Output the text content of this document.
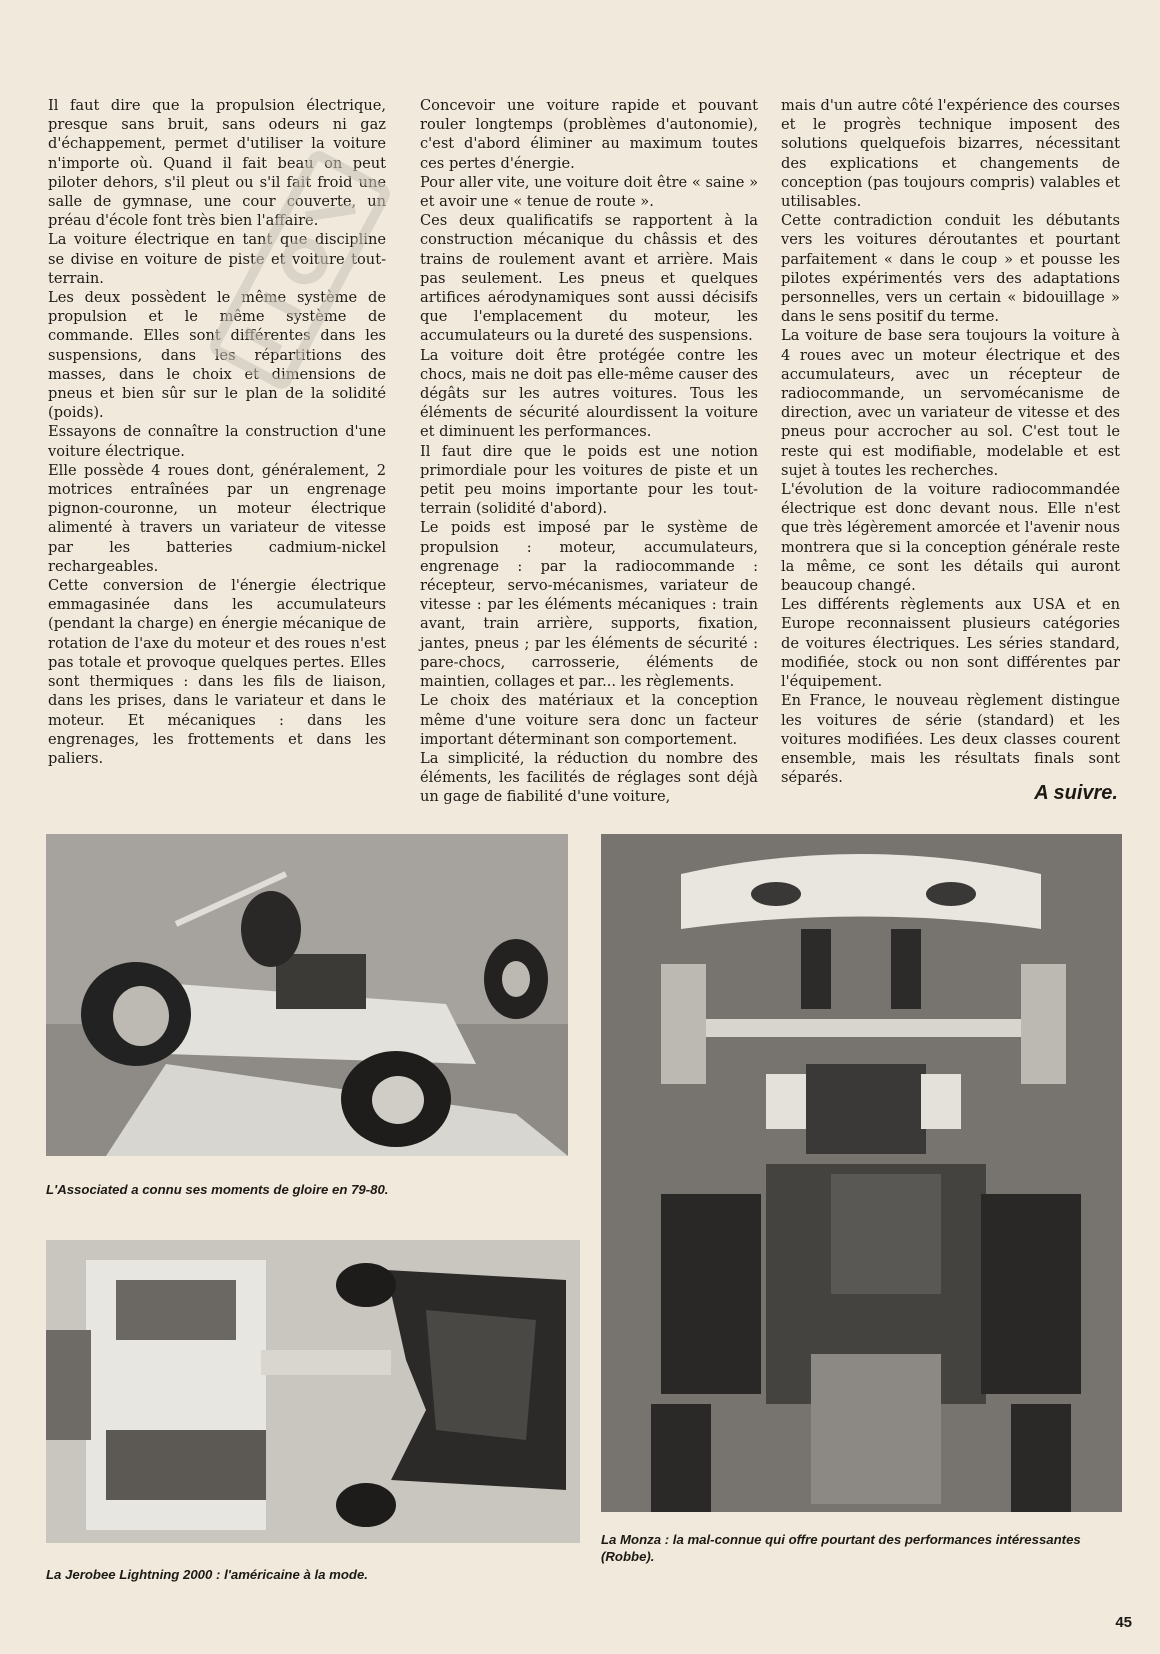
Il faut dire que la propulsion électrique, presque sans bruit, sans odeurs ni gaz d'échappement, permet d'utiliser la voiture n'importe où. Quand il fait beau on peut piloter dehors, s'il pleut ou s'il fait froid une salle de gymnase, une cour couverte, un préau d'école font très bien l'affaire.

La voiture électrique en tant que discipline se divise en voiture de piste et voiture tout-terrain.

Les deux possèdent le même système de propulsion et le même système de commande. Elles sont différentes dans les suspensions, dans les répartitions des masses, dans le choix et dimensions de pneus et bien sûr sur le plan de la solidité (poids).

Essayons de connaître la construction d'une voiture électrique.

Elle possède 4 roues dont, généralement, 2 motrices entraînées par un engrenage pignon-couronne, un moteur électrique alimenté à travers un variateur de vitesse par les batteries cadmium-nickel rechargeables.

Cette conversion de l'énergie électrique emmagasinée dans les accumulateurs (pendant la charge) en énergie mécanique de rotation de l'axe du moteur et des roues n'est pas totale et provoque quelques pertes. Elles sont thermiques : dans les fils de liaison, dans les prises, dans le variateur et dans le moteur. Et mécaniques : dans les engrenages, les frottements et dans les paliers.

Concevoir une voiture rapide et pouvant rouler longtemps (problèmes d'autonomie), c'est d'abord éliminer au maximum toutes ces pertes d'énergie.

Pour aller vite, une voiture doit être « saine » et avoir une « tenue de route ».

Ces deux qualificatifs se rapportent à la construction mécanique du châssis et des trains de roulement avant et arrière. Mais pas seulement. Les pneus et quelques artifices aérodynamiques sont aussi décisifs que l'emplacement du moteur, les accumulateurs ou la dureté des suspensions.

La voiture doit être protégée contre les chocs, mais ne doit pas elle-même causer des dégâts sur les autres voitures. Tous les éléments de sécurité alourdissent la voiture et diminuent les performances.

Il faut dire que le poids est une notion primordiale pour les voitures de piste et un petit peu moins importante pour les tout-terrain (solidité d'abord).

Le poids est imposé par le système de propulsion : moteur, accumulateurs, engrenage : par la radiocommande : récepteur, servo-mécanismes, variateur de vitesse : par les éléments mécaniques : train avant, train arrière, supports, fixation, jantes, pneus ; par les éléments de sécurité : pare-chocs, carrosserie, éléments de maintien, collages et par... les règlements.

Le choix des matériaux et la conception même d'une voiture sera donc un facteur important déterminant son comportement.

La simplicité, la réduction du nombre des éléments, les facilités de réglages sont déjà un gage de fiabilité d'une voiture,

mais d'un autre côté l'expérience des courses et le progrès technique imposent des solutions quelquefois bizarres, nécessitant des explications et changements de conception (pas toujours compris) valables et utilisables.

Cette contradiction conduit les débutants vers les voitures déroutantes et pourtant parfaitement « dans le coup » et pousse les pilotes expérimentés vers des adaptations personnelles, vers un certain « bidouillage » dans le sens positif du terme.

La voiture de base sera toujours la voiture à 4 roues avec un moteur électrique et des accumulateurs, avec un récepteur de radiocommande, un servomécanisme de direction, avec un variateur de vitesse et des pneus pour accrocher au sol. C'est tout le reste qui est modifiable, modelable et est sujet à toutes les recherches.

L'évolution de la voiture radiocommandée électrique est donc devant nous. Elle n'est que très légèrement amorcée et l'avenir nous montrera que si la conception générale reste la même, ce sont les détails qui auront beaucoup changé.

Les différents règlements aux USA et en Europe reconnaissent plusieurs catégories de voitures électriques. Les séries standard, modifiée, stock ou non sont différentes par l'équipement.

En France, le nouveau règlement distingue les voitures de série (standard) et les voitures modifiées. Les deux classes courent ensemble, mais les résultats finals sont séparés.

A suivre.
L'Associated a connu ses moments de gloire en 79-80.
La Jerobee Lightning 2000 : l'américaine à la mode.
La Monza : la mal-connue qui offre pourtant des performances intéressantes (Robbe).
45
